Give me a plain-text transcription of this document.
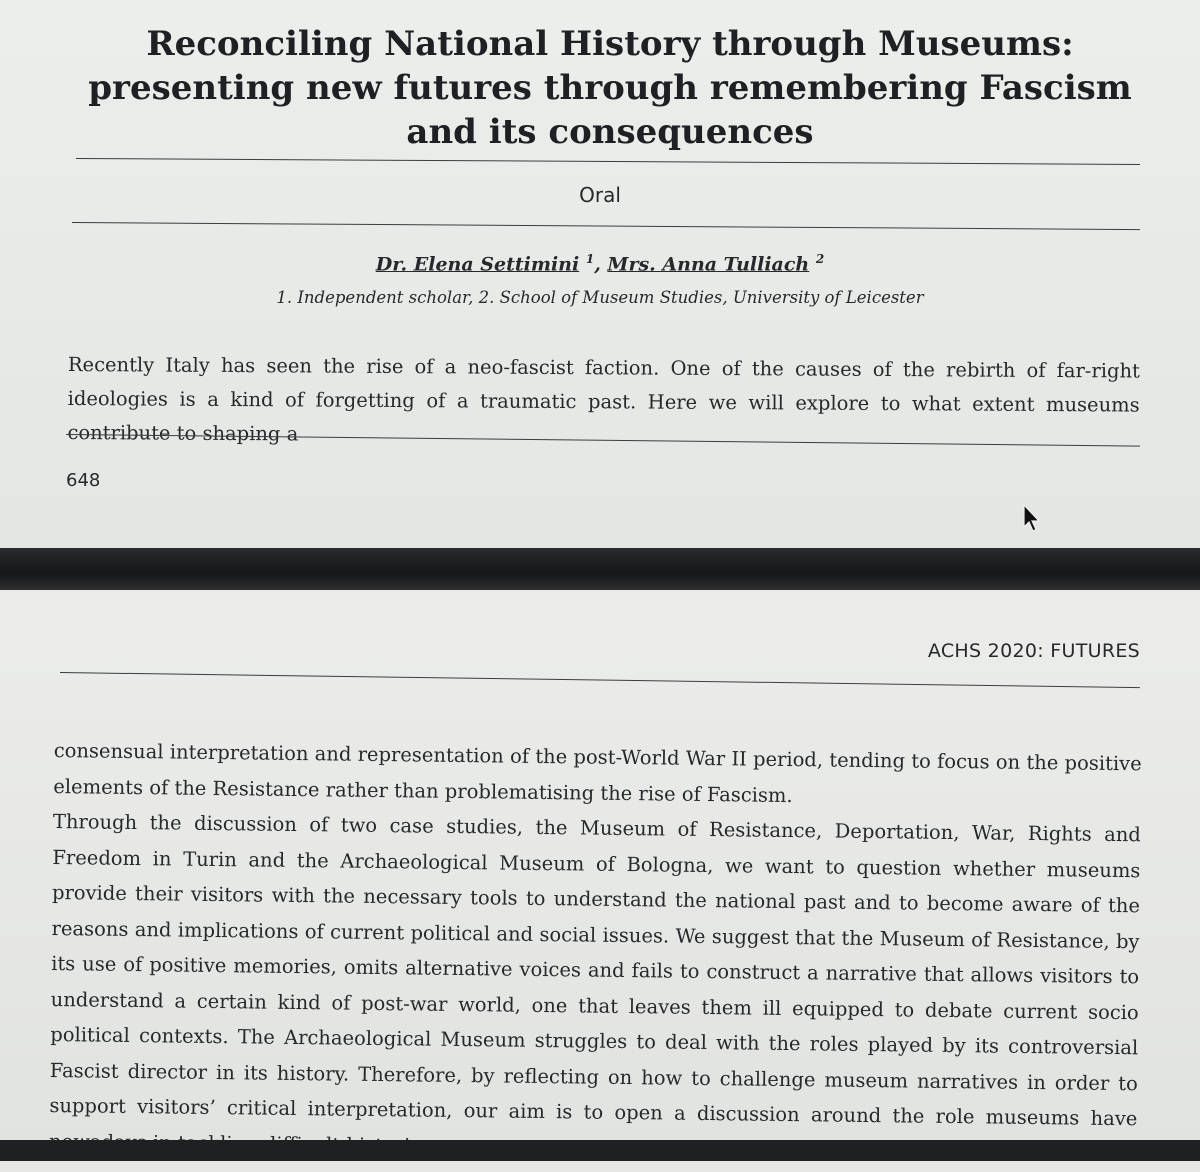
Reconciling National History through Museums: presenting new futures through remembering Fascism and its consequences
Oral
Dr. Elena Settimini $^1$, Mrs. Anna Tulliach $^2$
1. Independent scholar, 2. School of Museum Studies, University of Leicester

Recently Italy has seen the rise of a neo-fascist faction. One of the causes of the rebirth of far-right ideologies is a kind of forgetting of a traumatic past. Here we will explore to what extent museums contribute to shaping a

648
ACHS 2020: FUTURES

consensual interpretation and representation of the post-World War II period, tending to focus on the positive elements of the Resistance rather than problematising the rise of Fascism.

Through the discussion of two case studies, the Museum of Resistance, Deportation, War, Rights and Freedom in Turin and the Archaeological Museum of Bologna, we want to question whether museums provide their visitors with the necessary tools to understand the national past and to become aware of the reasons and implications of current political and social issues. We suggest that the Museum of Resistance, by its use of positive memories, omits alternative voices and fails to construct a narrative that allows visitors to understand a certain kind of post-war world, one that leaves them ill equipped to debate current socio political contexts. The Archaeological Museum struggles to deal with the roles played by its controversial Fascist director in its history. Therefore, by reflecting on how to challenge museum narratives in order to support visitors’ critical interpretation, our aim is to open a discussion around the role museums have
